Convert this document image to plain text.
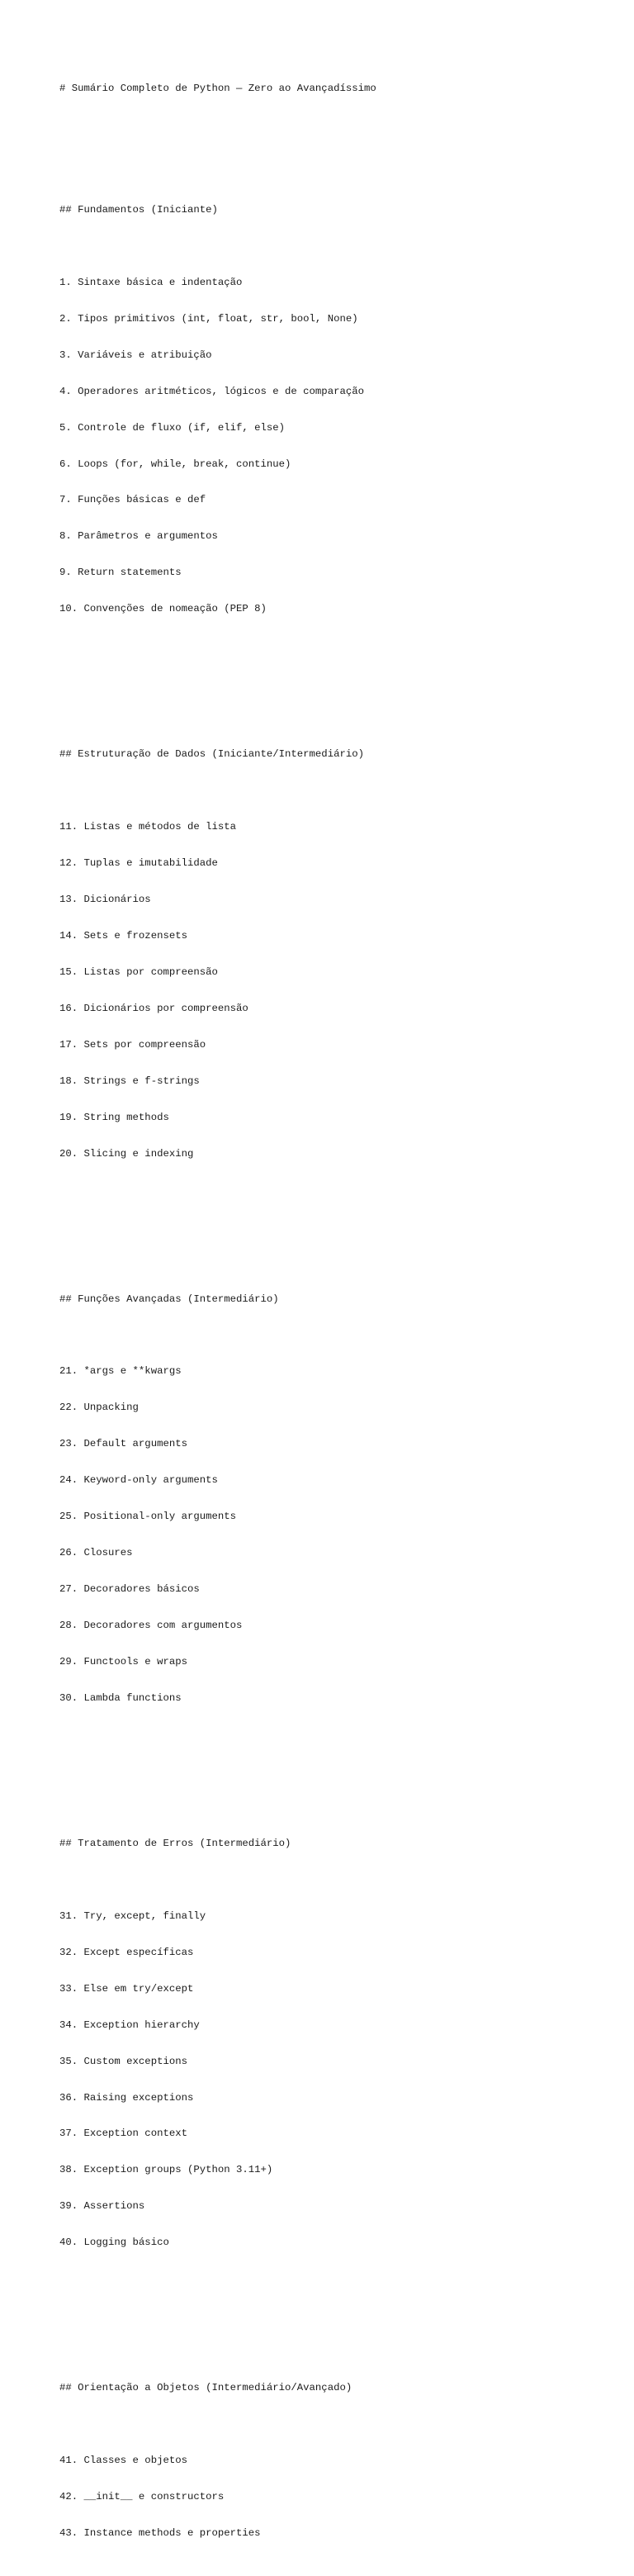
# Sumário Completo de Python — Zero ao Avançadíssimo

## Fundamentos (Iniciante)

1. Sintaxe básica e indentação

2. Tipos primitivos (int, float, str, bool, None)

3. Variáveis e atribuição

4. Operadores aritméticos, lógicos e de comparação

5. Controle de fluxo (if, elif, else)

6. Loops (for, while, break, continue)

7. Funções básicas e def

8. Parâmetros e argumentos

9. Return statements

10. Convenções de nomeação (PEP 8)

## Estruturação de Dados (Iniciante/Intermediário)

11. Listas e métodos de lista

12. Tuplas e imutabilidade

13. Dicionários

14. Sets e frozensets

15. Listas por compreensão

16. Dicionários por compreensão

17. Sets por compreensão

18. Strings e f-strings

19. String methods

20. Slicing e indexing

## Funções Avançadas (Intermediário)

21. *args e **kwargs

22. Unpacking

23. Default arguments

24. Keyword-only arguments

25. Positional-only arguments

26. Closures

27. Decoradores básicos

28. Decoradores com argumentos

29. Functools e wraps

30. Lambda functions

## Tratamento de Erros (Intermediário)

31. Try, except, finally

32. Except específicas

33. Else em try/except

34. Exception hierarchy

35. Custom exceptions

36. Raising exceptions

37. Exception context

38. Exception groups (Python 3.11+)

39. Assertions

40. Logging básico

## Orientação a Objetos (Intermediário/Avançado)

41. Classes e objetos

42. __init__ e constructors

43. Instance methods e properties
